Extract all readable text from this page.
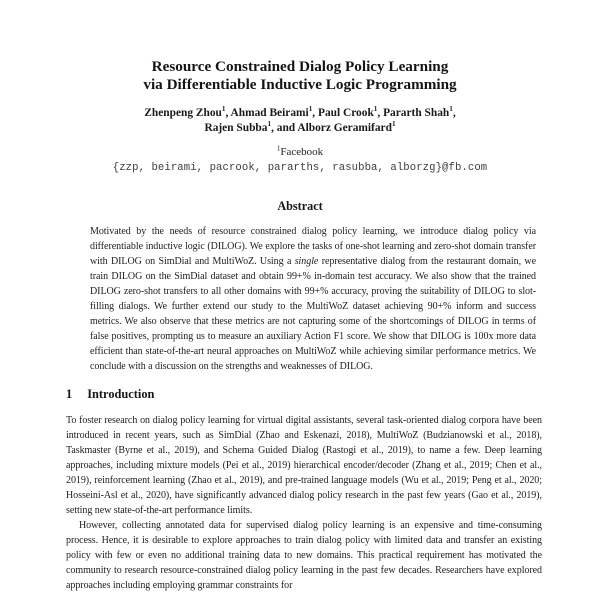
Resource Constrained Dialog Policy Learning
via Differentiable Inductive Logic Programming
Zhenpeng Zhou$^1$, Ahmad Beirami$^1$, Paul Crook$^1$, Pararth Shah$^1$,
Rajen Subba$^1$, and Alborz Geramifard$^1$
$^1$Facebook
{zzp, beirami, pacrook, pararths, rasubba, alborzg}@fb.com
Abstract

Motivated by the needs of resource constrained dialog policy learning, we introduce dialog policy via differentiable inductive logic (DILOG). We explore the tasks of one-shot learning and zero-shot domain transfer with DILOG on SimDial and MultiWoZ. Using a single representative dialog from the restaurant domain, we train DILOG on the SimDial dataset and obtain 99+% in-domain test accuracy. We also show that the trained DILOG zero-shot transfers to all other domains with 99+% accuracy, proving the suitability of DILOG to slot-filling dialogs. We further extend our study to the MultiWoZ dataset achieving 90+% inform and success metrics. We also observe that these metrics are not capturing some of the shortcomings of DILOG in terms of false positives, prompting us to measure an auxiliary Action F1 score. We show that DILOG is 100x more data efficient than state-of-the-art neural approaches on MultiWoZ while achieving similar performance metrics. We conclude with a discussion on the strengths and weaknesses of DILOG.

1 Introduction

To foster research on dialog policy learning for virtual digital assistants, several task-oriented dialog corpora have been introduced in recent years, such as SimDial (Zhao and Eskenazi, 2018), MultiWoZ (Budzianowski et al., 2018), Taskmaster (Byrne et al., 2019), and Schema Guided Dialog (Rastogi et al., 2019), to name a few. Deep learning approaches, including mixture models (Pei et al., 2019) hierarchical encoder/decoder (Zhang et al., 2019; Chen et al., 2019), reinforcement learning (Zhao et al., 2019), and pre-trained language models (Wu et al., 2019; Peng et al., 2020; Hosseini-Asl et al., 2020), have significantly advanced dialog policy research in the past few years (Gao et al., 2019), setting new state-of-the-art performance limits.

However, collecting annotated data for supervised dialog policy learning is an expensive and time-consuming process. Hence, it is desirable to explore approaches to train dialog policy with limited data and transfer an existing policy with few or even no additional training data to new domains. This practical requirement has motivated the community to research resource-constrained dialog policy learning in the past few decades. Researchers have explored approaches including employing grammar constraints for
